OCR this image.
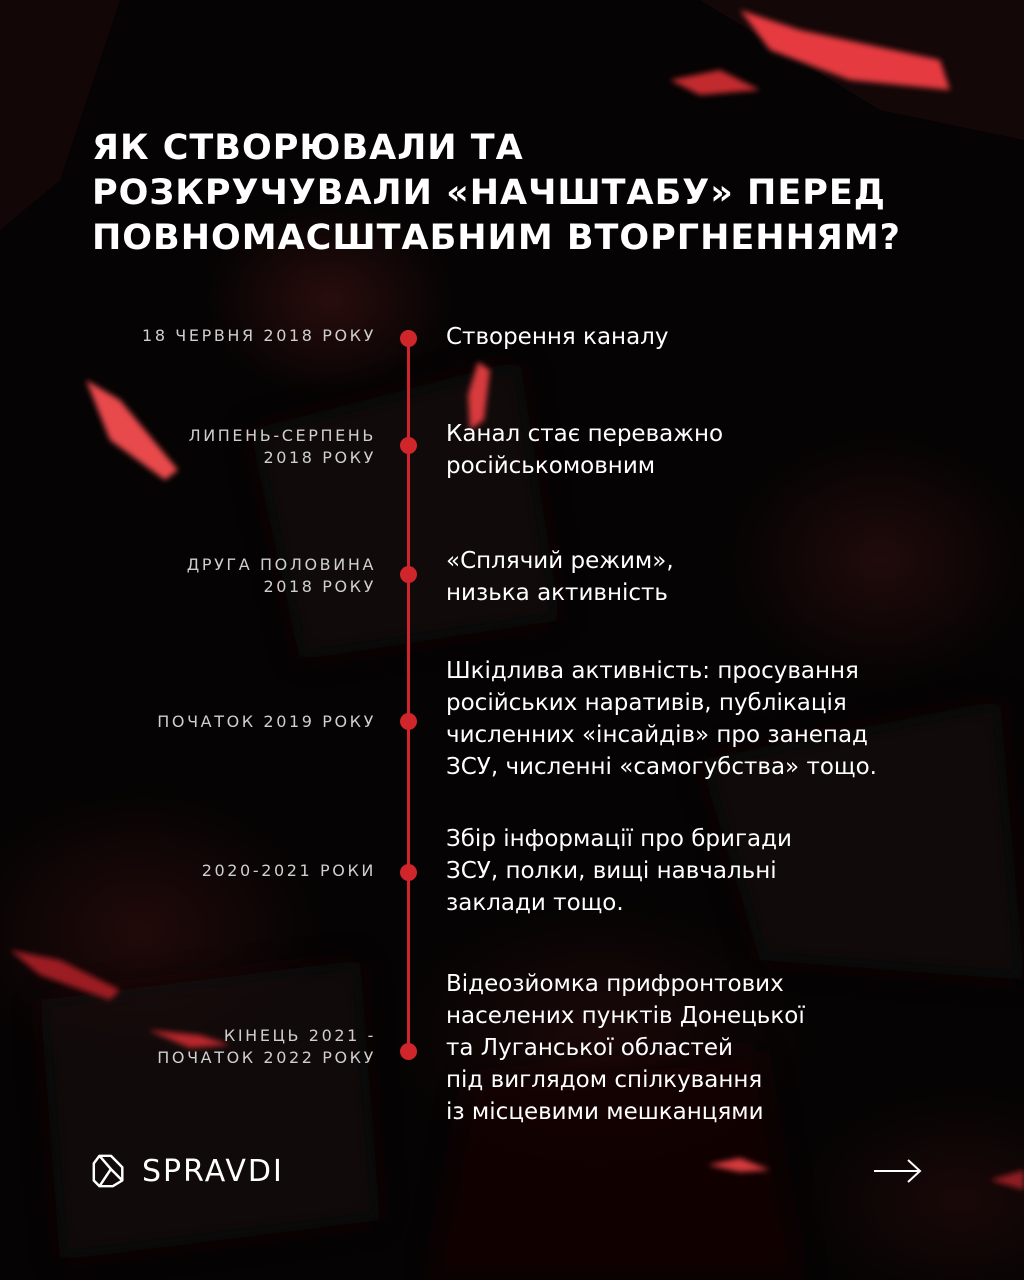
ЯК СТВОРЮВАЛИ ТА
РОЗКРУЧУВАЛИ «НАЧШТАБУ» ПЕРЕД
ПОВНОМАСШТАБНИМ ВТОРГНЕННЯМ?
18 ЧЕРВНЯ 2018 РОКУ	Створення каналу
ЛИПЕНЬ-СЕРПЕНЬ
2018 РОКУ
Канал стає переважно
російськомовним
ДРУГА ПОЛОВИНА
2018 РОКУ
«Сплячий режим»,
низька активність
ПОЧАТОК 2019 РОКУ
Шкідлива активність: просування
російських наративів, публікація
численних «інсайдів» про занепад
ЗСУ, численні «самогубства» тощо.
2020-2021 РОКИ
Збір інформації про бригади
ЗСУ, полки, вищі навчальні
заклади тощо.
КІНЕЦЬ 2021 -
ПОЧАТОК 2022 РОКУ
Відеозйомка прифронтових
населених пунктів Донецької
та Луганської областей
під виглядом спілкування
із місцевими мешканцями
SPRAVDI
